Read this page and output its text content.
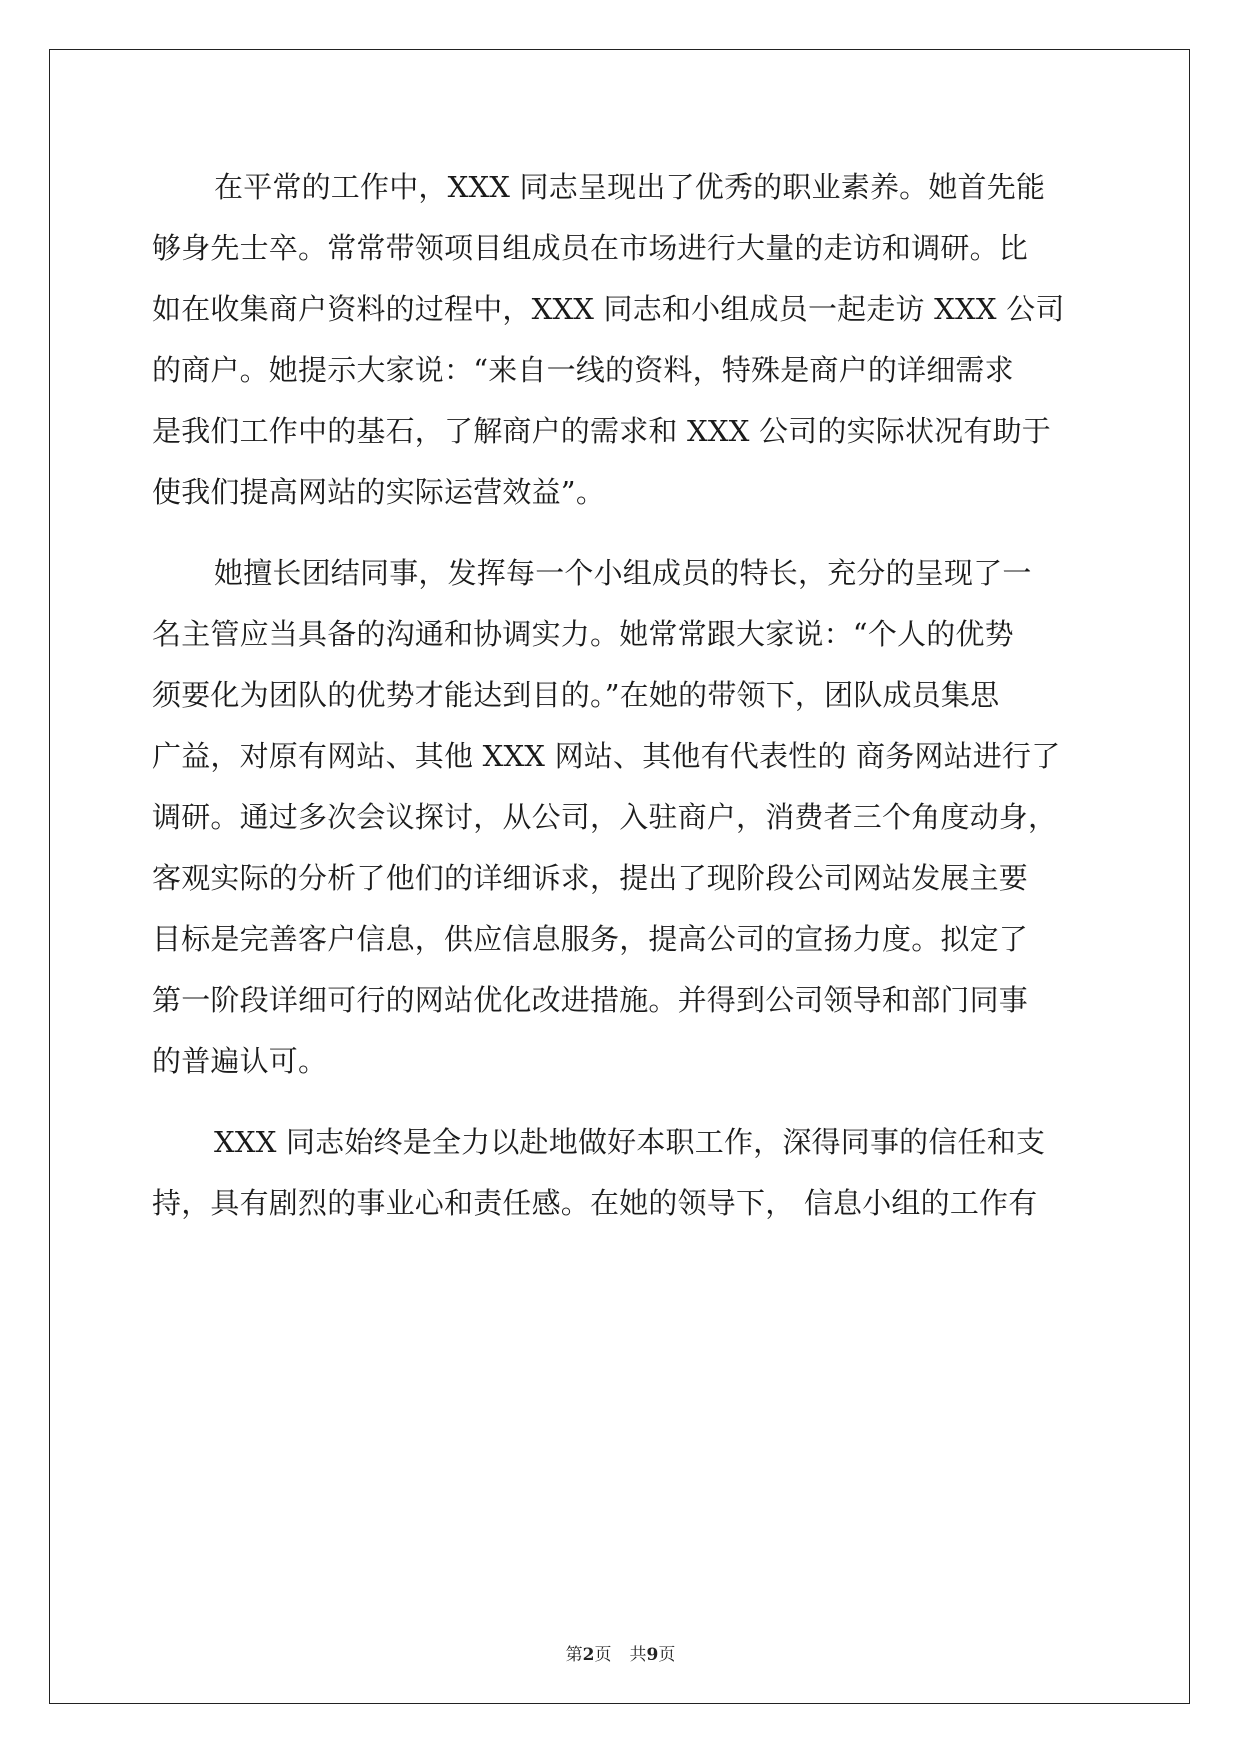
在平常的工作中，XXX 同志呈现出了优秀的职业素养。她首先能
够身先士卒。常常带领项目组成员在市场进行大量的走访和调研。比
如在收集商户资料的过程中，XXX 同志和小组成员一起走访 XXX 公司
的商户。她提示大家说：“来自一线的资料，特殊是商户的详细需求
是我们工作中的基石，了解商户的需求和 XXX 公司的实际状况有助于
使我们提高网站的实际运营效益”。

她擅长团结同事，发挥每一个小组成员的特长，充分的呈现了一
名主管应当具备的沟通和协调实力。她常常跟大家说：“个人的优势
须要化为团队的优势才能达到目的。”在她的带领下，团队成员集思
广益，对原有网站、其他 XXX 网站、其他有代表性的 商务网站进行了
调研。通过多次会议探讨，从公司，入驻商户，消费者三个角度动身，
客观实际的分析了他们的详细诉求，提出了现阶段公司网站发展主要
目标是完善客户信息，供应信息服务，提高公司的宣扬力度。拟定了
第一阶段详细可行的网站优化改进措施。并得到公司领导和部门同事
的普遍认可。

XXX 同志始终是全力以赴地做好本职工作，深得同事的信任和支
持，具有剧烈的事业心和责任感。在她的领导下， 信息小组的工作有

第2页 共9页
